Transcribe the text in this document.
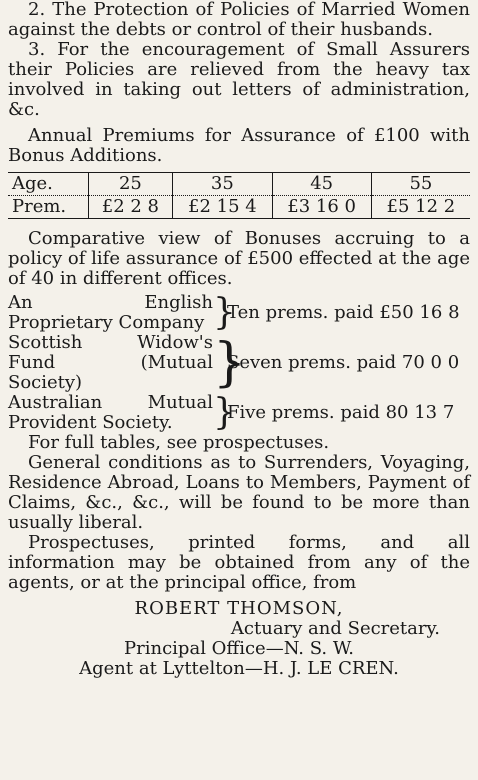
2. The Protection of Policies of Married Women against the debts or control of their husbands.

3. For the encouragement of Small Assurers their Policies are relieved from the heavy tax involved in taking out letters of administration, &c.

Annual Premiums for Assurance of £100 with Bonus Additions.

Age.	25	35	45	55
Prem.	£2 2 8	£2 15 4	£3 16 0	£5 12 2

Comparative view of Bonuses accruing to a policy of life assurance of £500 effected at the age of 40 in different offices.

An English Proprietary Company }
Ten prems. paid £50 16 8
Scottish Widow's Fund (Mutual Society)	}
Seven prems. paid 70 0 0
Australian Mutual Provident Society.	}
Five prems. paid 80 13 7

For full tables, see prospectuses.

General conditions as to Surrenders, Voyaging, Residence Abroad, Loans to Members, Payment of Claims, &c., &c., will be found to be more than usually liberal.

Prospectuses, printed forms, and all information may be obtained from any of the agents, or at the principal office, from

ROBERT THOMSON,
Actuary and Secretary.
Principal Office—N. S. W.
Agent at Lyttelton—H. J. LE CREN.
